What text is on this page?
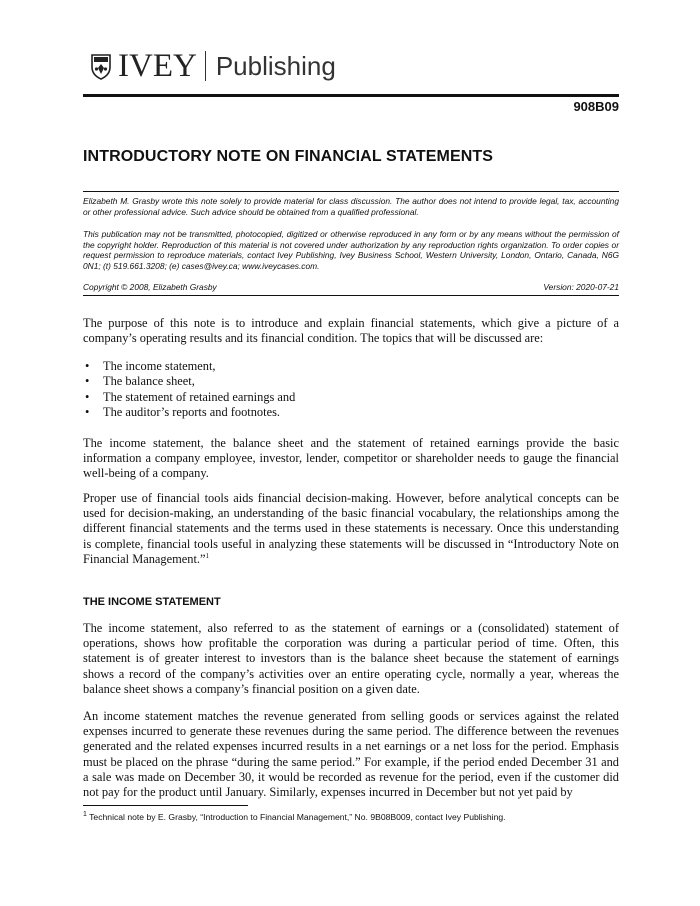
IVEY Publishing
908B09
INTRODUCTORY NOTE ON FINANCIAL STATEMENTS
Elizabeth M. Grasby wrote this note solely to provide material for class discussion. The author does not intend to provide legal, tax, accounting or other professional advice. Such advice should be obtained from a qualified professional.
This publication may not be transmitted, photocopied, digitized or otherwise reproduced in any form or by any means without the permission of the copyright holder. Reproduction of this material is not covered under authorization by any reproduction rights organization. To order copies or request permission to reproduce materials, contact Ivey Publishing, Ivey Business School, Western University, London, Ontario, Canada, N6G 0N1; (t) 519.661.3208; (e) cases@ivey.ca; www.iveycases.com.
Copyright © 2008, Elizabeth Grasby	Version: 2020-07-21
The purpose of this note is to introduce and explain financial statements, which give a picture of a company’s operating results and its financial condition. The topics that will be discussed are:
• The income statement,
• The balance sheet,
• The statement of retained earnings and
• The auditor’s reports and footnotes.
The income statement, the balance sheet and the statement of retained earnings provide the basic information a company employee, investor, lender, competitor or shareholder needs to gauge the financial well-being of a company.
Proper use of financial tools aids financial decision-making. However, before analytical concepts can be used for decision-making, an understanding of the basic financial vocabulary, the relationships among the different financial statements and the terms used in these statements is necessary. Once this understanding is complete, financial tools useful in analyzing these statements will be discussed in “Introductory Note on Financial Management.”$^1$
THE INCOME STATEMENT
The income statement, also referred to as the statement of earnings or a (consolidated) statement of operations, shows how profitable the corporation was during a particular period of time. Often, this statement is of greater interest to investors than is the balance sheet because the statement of earnings shows a record of the company’s activities over an entire operating cycle, normally a year, whereas the balance sheet shows a company’s financial position on a given date.
An income statement matches the revenue generated from selling goods or services against the related expenses incurred to generate these revenues during the same period. The difference between the revenues generated and the related expenses incurred results in a net earnings or a net loss for the period. Emphasis must be placed on the phrase “during the same period.” For example, if the period ended December 31 and a sale was made on December 30, it would be recorded as revenue for the period, even if the customer did not pay for the product until January. Similarly, expenses incurred in December but not yet paid by
$^1$ Technical note by E. Grasby, “Introduction to Financial Management,” No. 9B08B009, contact Ivey Publishing.
